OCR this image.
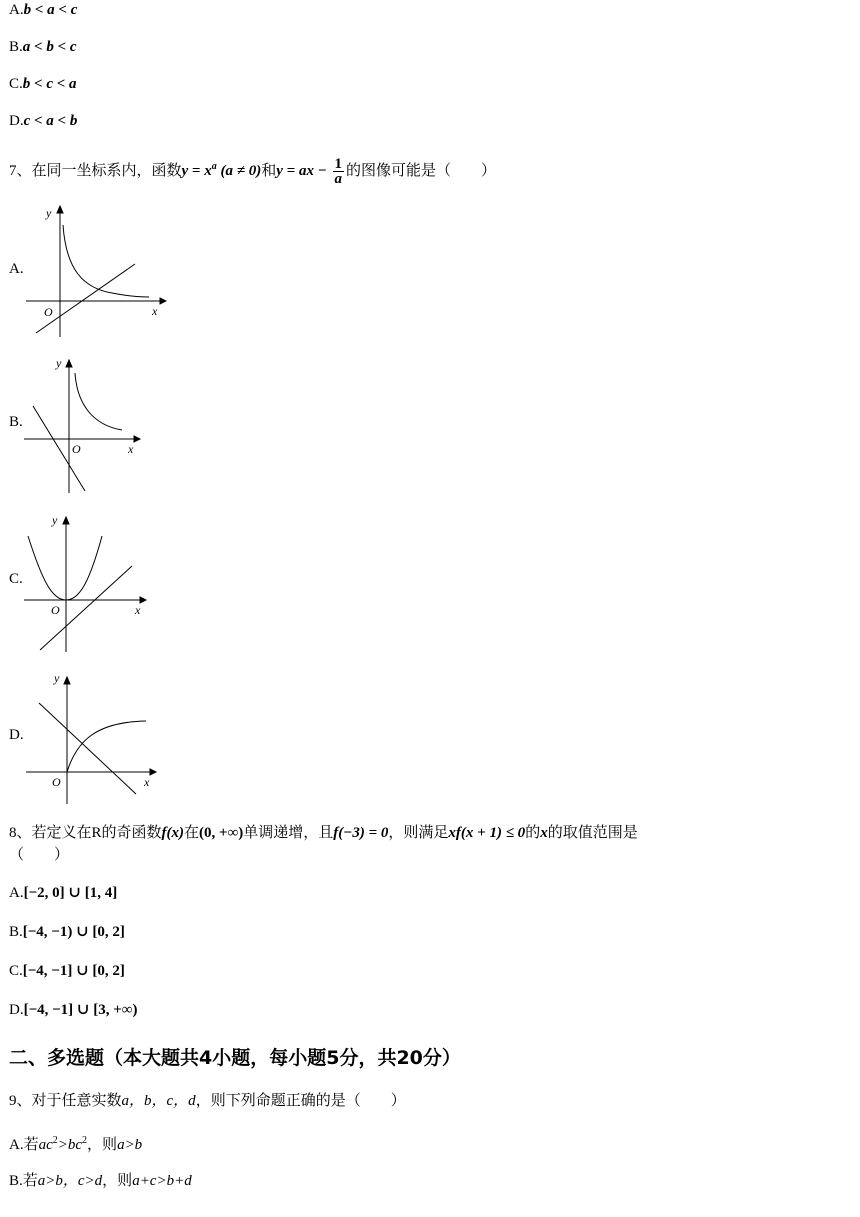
A.b < a < c
B.a < b < c
C.b < c < a
D.c < a < b
7、在同一坐标系内，函数$y = x^a$ (a ≠ 0)和y = ax − $\frac{1}{a}$ 的图像可能是（　　）
A.
y
x
O
B.
y
x
O
C.
y
x
O
D.
y
x
O
8、若定义在R的奇函数f(x)在(0, +∞)单调递增，且f(−3) = 0，则满足xf(x + 1) ≤ 0的x的取值范围是
（　　）
A.[−2, 0] ∪ [1, 4]
B.[−4, −1) ∪ [0, 2]
C.[−4, −1] ∪ [0, 2]
D.[−4, −1] ∪ [3, +∞)
二、多选题（本大题共4小题，每小题5分，共20分）
9、对于任意实数a，b，c，d，则下列命题正确的是（　　）
A.若$ac^2>bc^2$，则a>b
B.若a>b，c>d，则a+c>b+d
